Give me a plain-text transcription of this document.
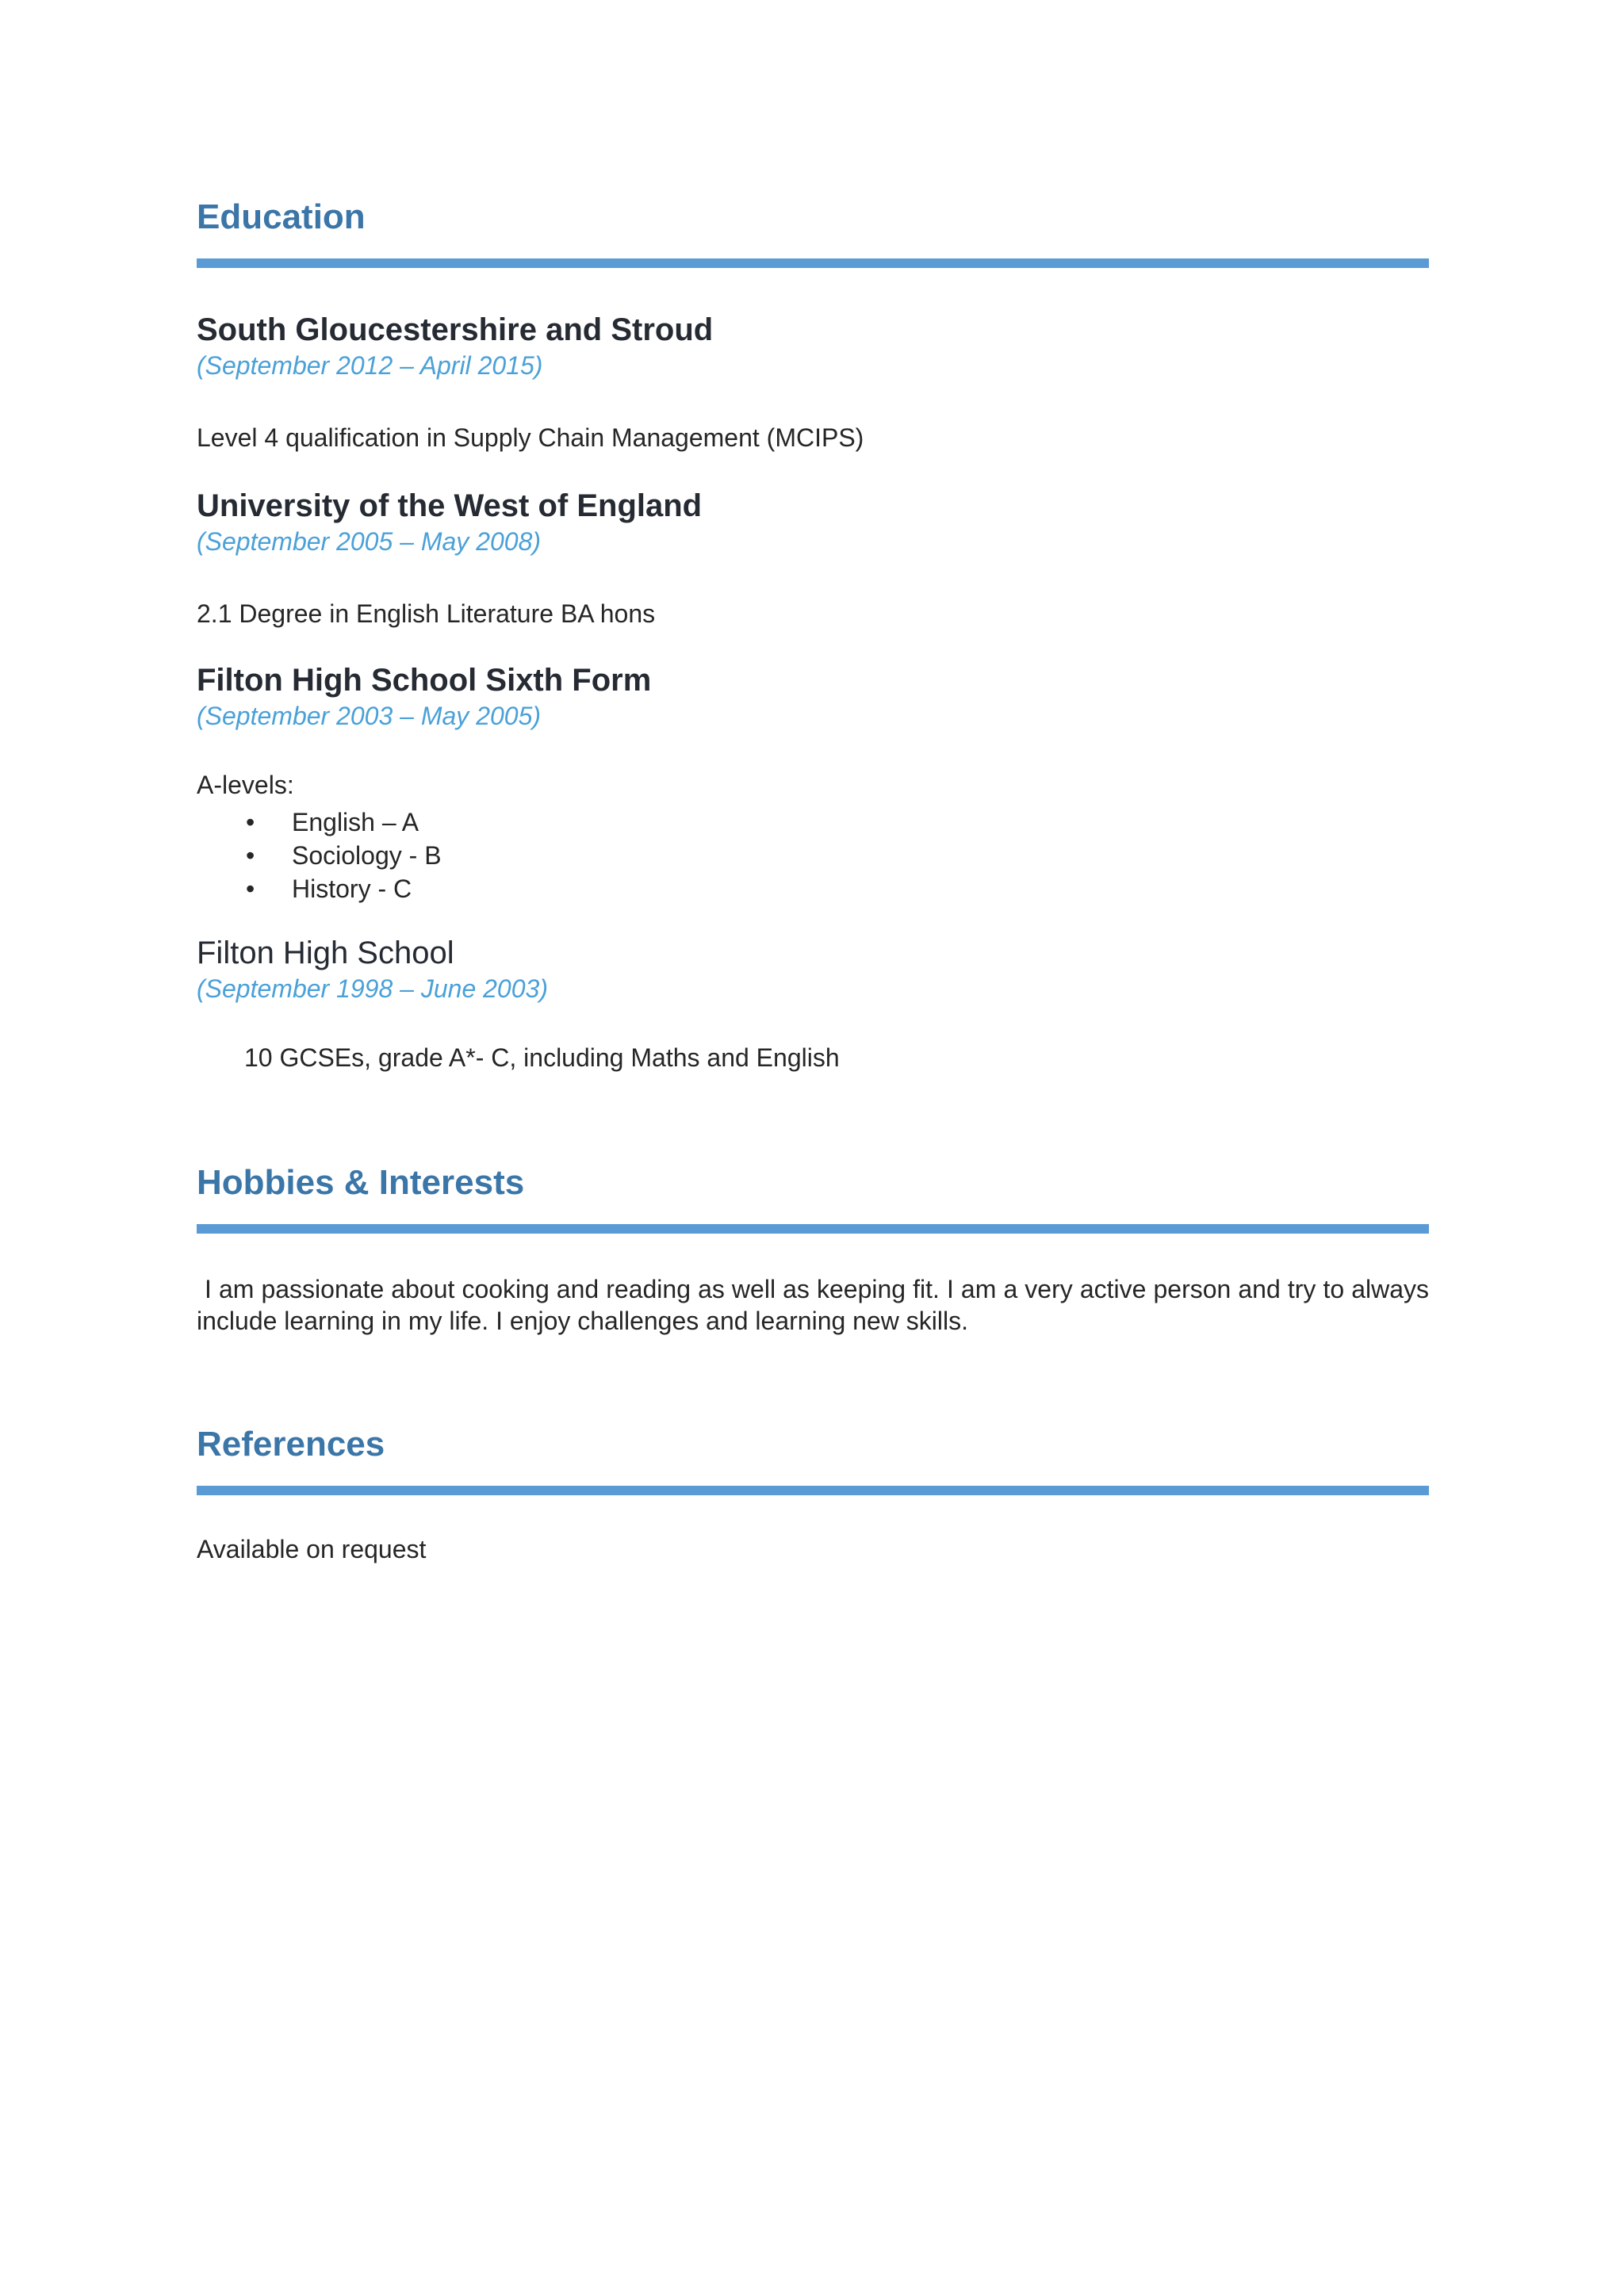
Education

South Gloucestershire and Stroud

(September 2012 – April 2015)

Level 4 qualification in Supply Chain Management (MCIPS)

University of the West of England

(September 2005 – May 2008)

2.1 Degree in English Literature BA hons

Filton High School Sixth Form

(September 2003 – May 2005)

A-levels:

• English – A
• Sociology - B
• History - C

Filton High School

(September 1998 – June 2003)

10 GCSEs, grade A*- C, including Maths and English

Hobbies & Interests

I am passionate about cooking and reading as well as keeping fit. I am a very active person and try to always include learning in my life. I enjoy challenges and learning new skills.

References

Available on request
